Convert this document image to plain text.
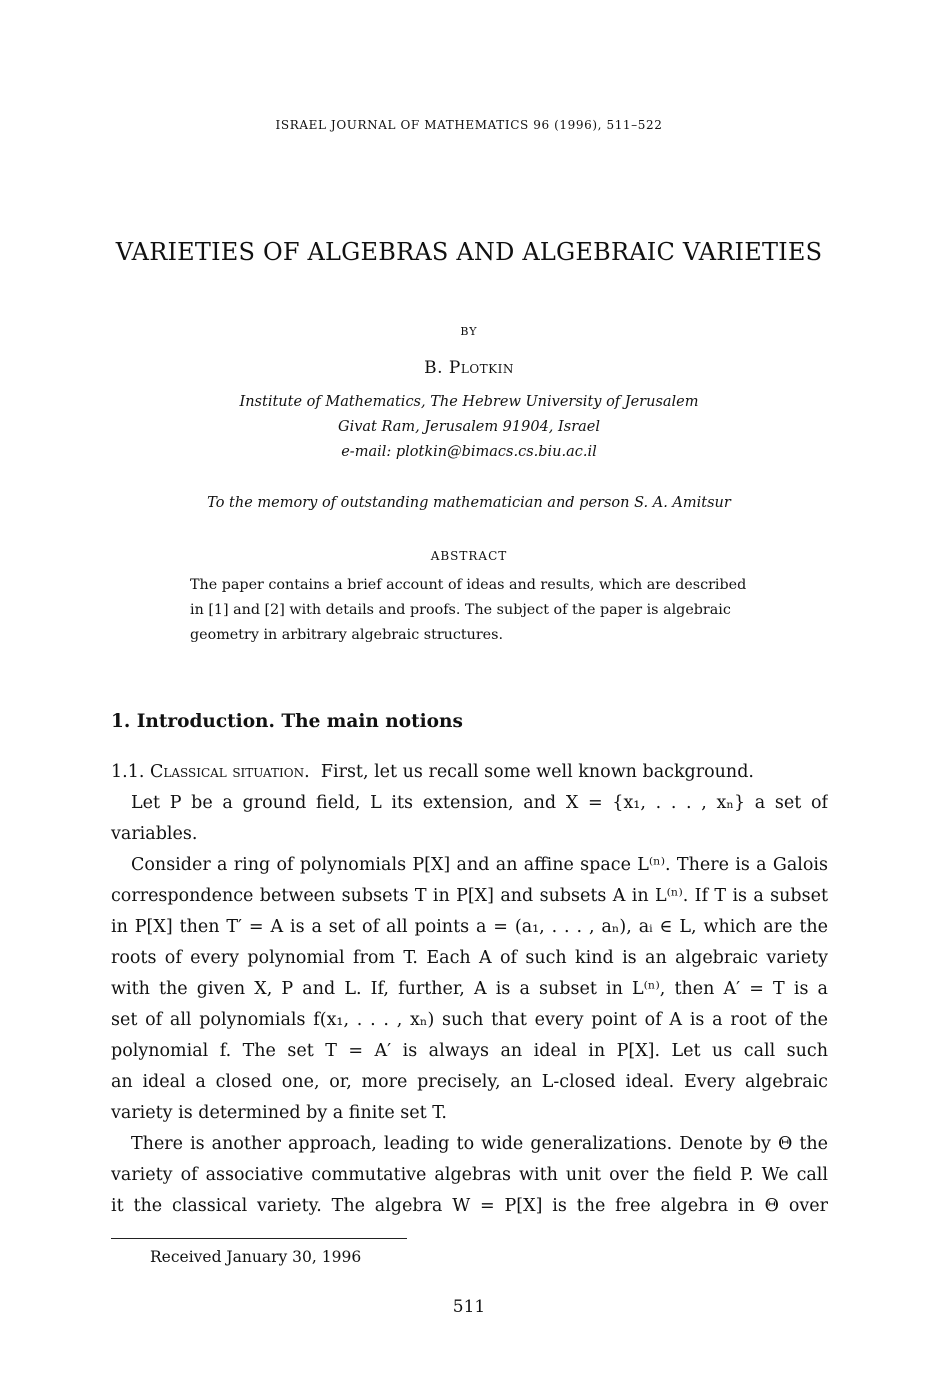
ISRAEL JOURNAL OF MATHEMATICS 96 (1996), 511–522
VARIETIES OF ALGEBRAS AND ALGEBRAIC VARIETIES
BY
B. Plotkin
Institute of Mathematics, The Hebrew University of Jerusalem
Givat Ram, Jerusalem 91904, Israel
e-mail: plotkin@bimacs.cs.biu.ac.il
To the memory of outstanding mathematician and person S. A. Amitsur
ABSTRACT
The paper contains a brief account of ideas and results, which are described
in [1] and [2] with details and proofs. The subject of the paper is algebraic
geometry in arbitrary algebraic structures.
1. Introduction. The main notions
1.1. Classical situation. First, let us recall some well known background.
Let P be a ground field, L its extension, and X = {x₁, . . . , xₙ} a set of
variables.
Consider a ring of polynomials P[X] and an affine space L⁽ⁿ⁾. There is a Galois
correspondence between subsets T in P[X] and subsets A in L⁽ⁿ⁾. If T is a subset
in P[X] then T′ = A is a set of all points a = (a₁, . . . , aₙ), aᵢ ∈ L, which are the
roots of every polynomial from T. Each A of such kind is an algebraic variety
with the given X, P and L. If, further, A is a subset in L⁽ⁿ⁾, then A′ = T is a
set of all polynomials f(x₁, . . . , xₙ) such that every point of A is a root of the
polynomial f. The set T = A′ is always an ideal in P[X]. Let us call such
an ideal a closed one, or, more precisely, an L-closed ideal. Every algebraic
variety is determined by a finite set T.
There is another approach, leading to wide generalizations. Denote by Θ the
variety of associative commutative algebras with unit over the field P. We call
it the classical variety. The algebra W = P[X] is the free algebra in Θ over
Received January 30, 1996
511
